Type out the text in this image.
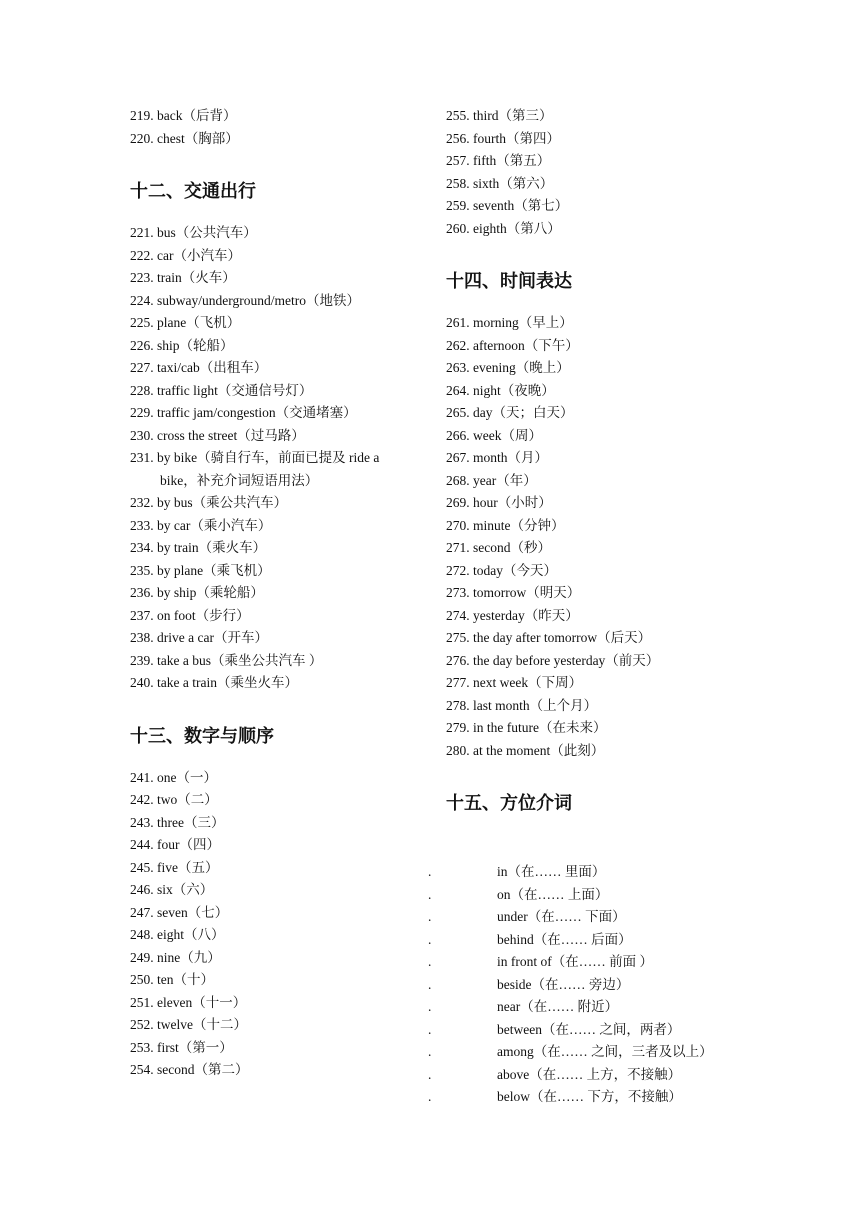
219. back（后背）
220. chest（胸部）
十二、交通出行
221. bus（公共汽车）
222. car（小汽车）
223. train（火车）
224. subway/underground/metro（地铁）
225. plane（飞机）
226. ship（轮船）
227. taxi/cab（出租车）
228. traffic light（交通信号灯）
229. traffic jam/congestion（交通堵塞）
230. cross the street（过马路）
231. by bike（骑自行车，前面已提及 ride a
bike，补充介词短语用法）
232. by bus（乘公共汽车）
233. by car（乘小汽车）
234. by train（乘火车）
235. by plane（乘飞机）
236. by ship（乘轮船）
237. on foot（步行）
238. drive a car（开车）
239. take a bus（乘坐公共汽车 ）
240. take a train（乘坐火车）
十三、数字与顺序
241. one（一）
242. two（二）
243. three（三）
244. four（四）
245. five（五）
246. six（六）
247. seven（七）
248. eight（八）
249. nine（九）
250. ten（十）
251. eleven（十一）
252. twelve（十二）
253. first（第一）
254. second（第二）
255. third（第三）
256. fourth（第四）
257. fifth（第五）
258. sixth（第六）
259. seventh（第七）
260. eighth（第八）
十四、时间表达
261. morning（早上）
262. afternoon（下午）
263. evening（晚上）
264. night（夜晚）
265. day（天；白天）
266. week（周）
267. month（月）
268. year（年）
269. hour（小时）
270. minute（分钟）
271. second（秒）
272. today（今天）
273. tomorrow（明天）
274. yesterday（昨天）
275. the day after tomorrow（后天）
276. the day before yesterday（前天）
277. next week（下周）
278. last month（上个月）
279. in the future（在未来）
280. at the moment（此刻）
十五、方位介词
.	in（在…… 里面）
.	on（在…… 上面）
.	under（在…… 下面）
.	behind（在…… 后面）
.	in front of（在…… 前面 ）
.	beside（在…… 旁边）
.	near（在…… 附近）
.	between（在…… 之间，两者）
.	among（在…… 之间，三者及以上）
.	above（在…… 上方，不接触）
.	below（在…… 下方，不接触）
